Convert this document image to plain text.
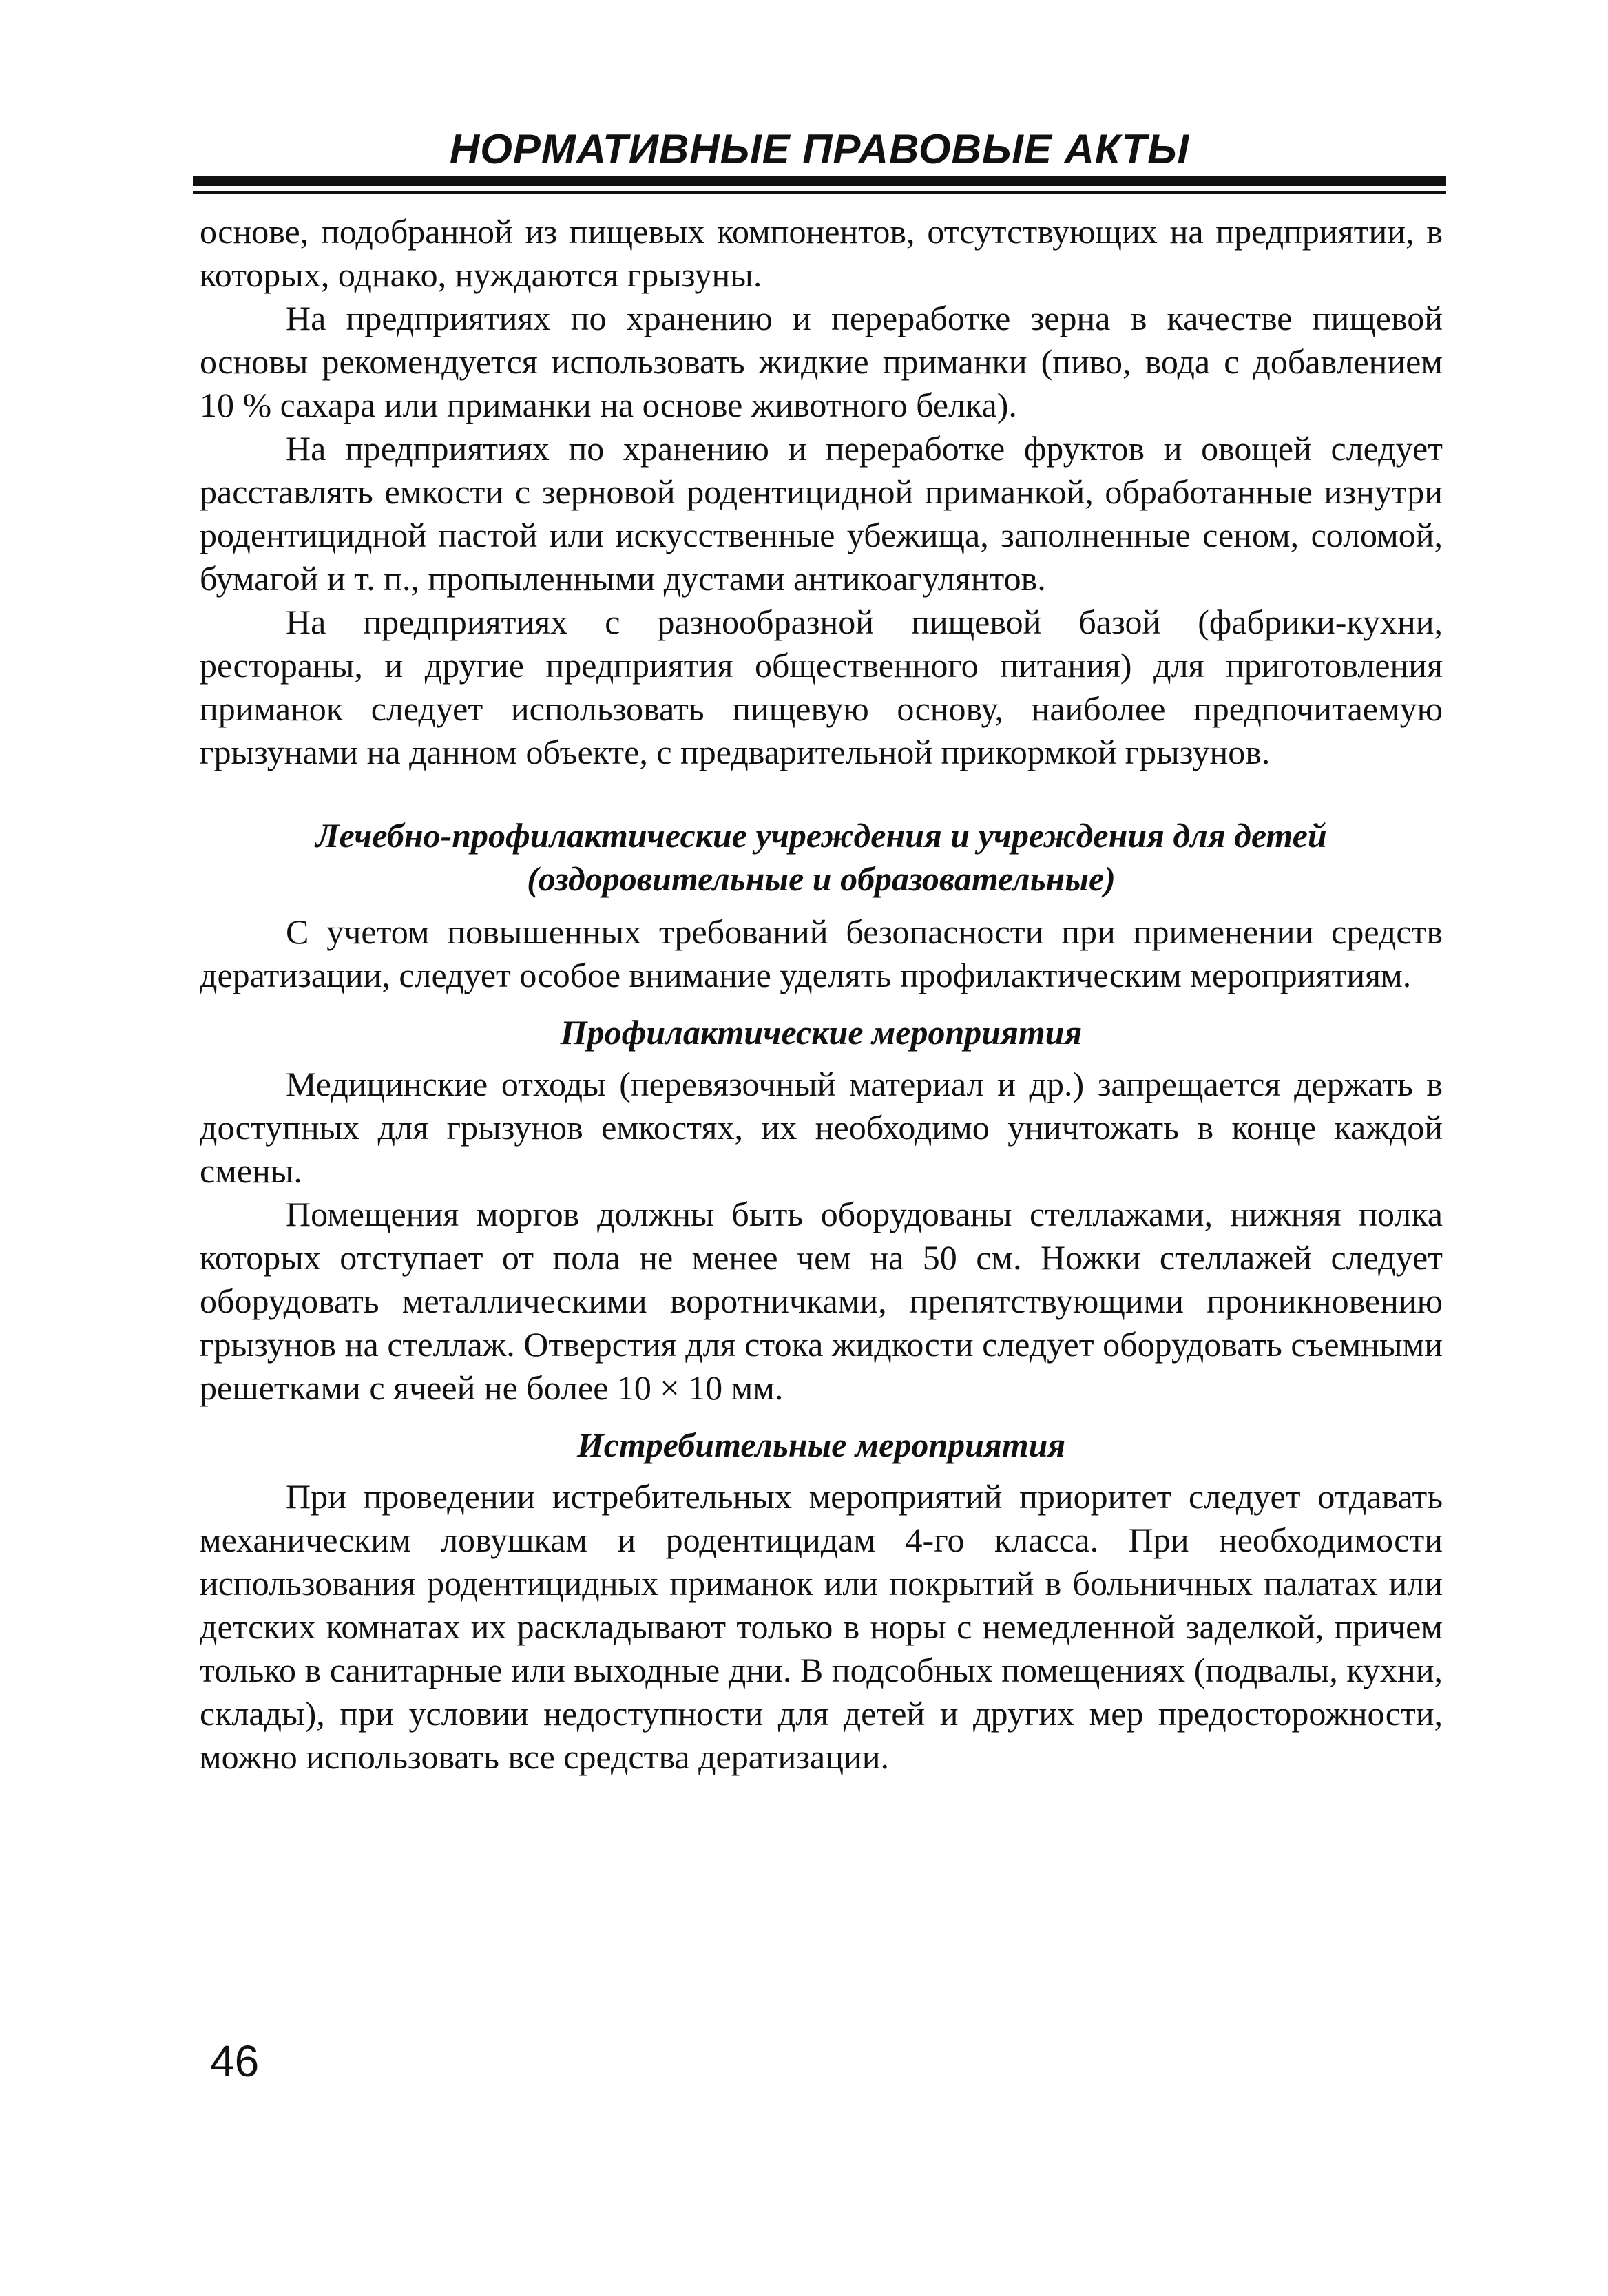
НОРМАТИВНЫЕ ПРАВОВЫЕ АКТЫ

основе, подобранной из пищевых компонентов, отсутствующих на предприятии, в которых, однако, нуждаются грызуны.

На предприятиях по хранению и переработке зерна в качестве пищевой основы рекомендуется использовать жидкие приманки (пиво, вода с добавлением 10 % сахара или приманки на основе животного белка).

На предприятиях по хранению и переработке фруктов и овощей следует расставлять емкости с зерновой родентицидной приманкой, обработанные изнутри родентицидной пастой или искусственные убежища, заполненные сеном, соломой, бумагой и т. п., пропыленными дустами антикоагулянтов.

На предприятиях с разнообразной пищевой базой (фабрики-кухни, рестораны, и другие предприятия общественного питания) для приготовления приманок следует использовать пищевую основу, наиболее предпочитаемую грызунами на данном объекте, с предварительной прикормкой грызунов.

Лечебно-профилактические учреждения и учреждения для детей
(оздоровительные и образовательные)

С учетом повышенных требований безопасности при применении средств дератизации, следует особое внимание уделять профилактическим мероприятиям.

Профилактические мероприятия

Медицинские отходы (перевязочный материал и др.) запрещается держать в доступных для грызунов емкостях, их необходимо уничтожать в конце каждой смены.

Помещения моргов должны быть оборудованы стеллажами, нижняя полка которых отступает от пола не менее чем на 50 см. Ножки стеллажей следует оборудовать металлическими воротничками, препятствующими проникновению грызунов на стеллаж. Отверстия для стока жидкости следует оборудовать съемными решетками с ячеей не более 10 × 10 мм.

Истребительные мероприятия

При проведении истребительных мероприятий приоритет следует отдавать механическим ловушкам и родентицидам 4-го класса. При необходимости использования родентицидных приманок или покрытий в больничных палатах или детских комнатах их раскладывают только в норы с немедленной заделкой, причем только в санитарные или выходные дни. В подсобных помещениях (подвалы, кухни, склады), при условии недоступности для детей и других мер предосторожности, можно использовать все средства дератизации.

46
